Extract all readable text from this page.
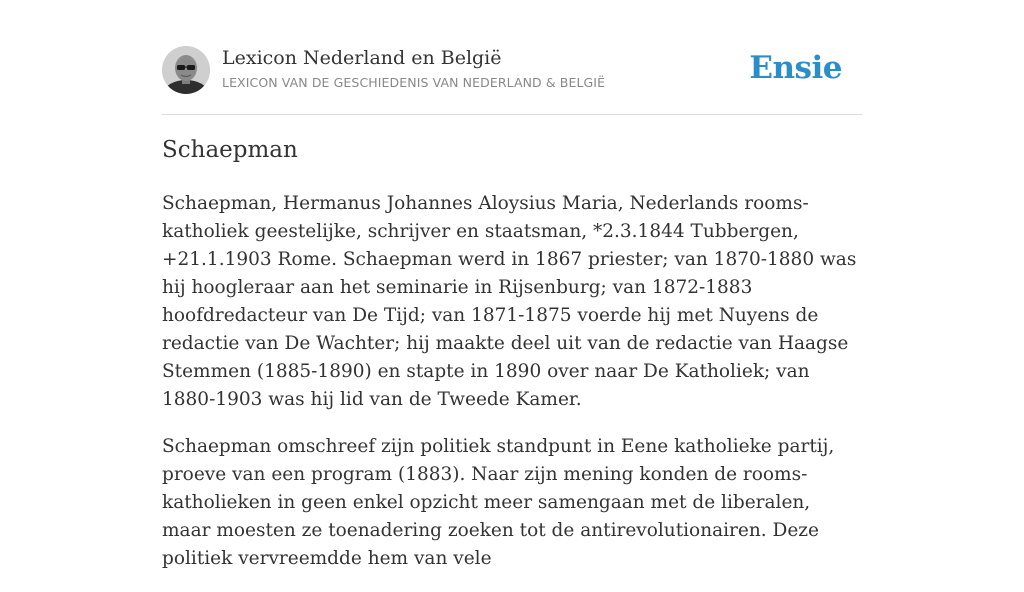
Lexicon Nederland en België
LEXICON VAN DE GESCHIEDENIS VAN NEDERLAND & BELGIË	Ensie
Schaepman

Schaepman, Hermanus Johannes Aloysius Maria, Nederlands rooms-katholiek geestelijke, schrijver en staatsman, *2.3.1844 Tubbergen, +21.1.1903 Rome. Schaepman werd in 1867 priester; van 1870-1880 was hij hoogleraar aan het seminarie in Rijsenburg; van 1872-1883 hoofdredacteur van De Tijd; van 1871-1875 voerde hij met Nuyens de redactie van De Wachter; hij maakte deel uit van de redactie van Haagse Stemmen (1885-1890) en stapte in 1890 over naar De Katholiek; van 1880-1903 was hij lid van de Tweede Kamer.

Schaepman omschreef zijn politiek standpunt in Eene katholieke partij, proeve van een program (1883). Naar zijn mening konden de rooms-katholieken in geen enkel opzicht meer samengaan met de liberalen, maar moesten ze toenadering zoeken tot de antirevolutionairen. Deze politiek vervreemdde hem van vele
